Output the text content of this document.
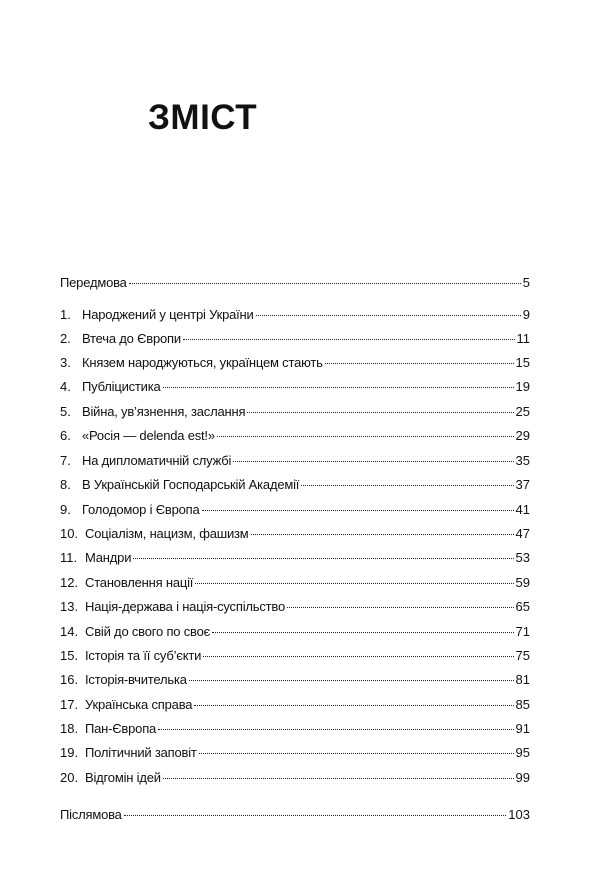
ЗМІСТ
Передмова	5
1. Народжений у центрі України	9
2. Втеча до Європи	11
3. Князем народжуються, українцем стають	15
4. Публіцистика	19
5. Війна, ув’язнення, заслання	25
6. «Росія — delenda est!»	29
7. На дипломатичній службі	35
8. В Українській Господарській Академії	37
9. Голодомор і Європа	41
10. Соціалізм, нацизм, фашизм	47
11. Мандри	53
12. Становлення нації	59
13. Нація-держава і нація-суспільство	65
14. Свій до свого по своє	71
15. Історія та її суб’єкти	75
16. Історія-вчителька	81
17. Українська справа	85
18. Пан-Європа	91
19. Політичний заповіт	95
20. Відгомін ідей	99
Післямова	103
